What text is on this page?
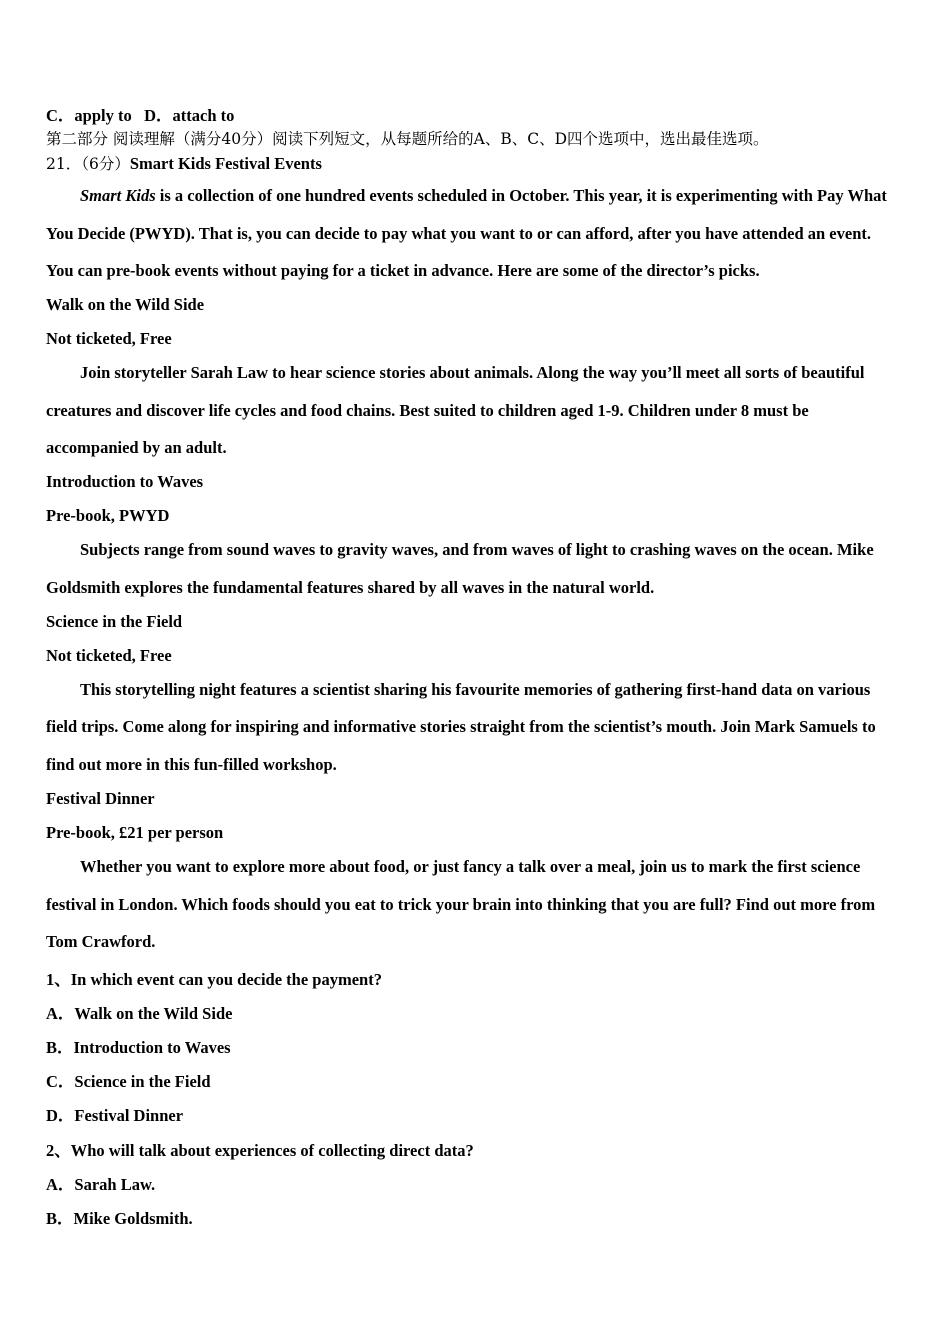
C．apply to D．attach to
第二部分 阅读理解（满分40分）阅读下列短文，从每题所给的A、B、C、D四个选项中，选出最佳选项。
21．（6分）Smart Kids Festival Events
Smart Kids is a collection of one hundred events scheduled in October. This year, it is experimenting with Pay What
You Decide (PWYD). That is, you can decide to pay what you want to or can afford, after you have attended an event.
You can pre-book events without paying for a ticket in advance. Here are some of the director’s picks.
Walk on the Wild Side
Not ticketed, Free
Join storyteller Sarah Law to hear science stories about animals. Along the way you’ll meet all sorts of beautiful
creatures and discover life cycles and food chains. Best suited to children aged 1-9. Children under 8 must be
accompanied by an adult.
Introduction to Waves
Pre-book, PWYD
Subjects range from sound waves to gravity waves, and from waves of light to crashing waves on the ocean. Mike
Goldsmith explores the fundamental features shared by all waves in the natural world.
Science in the Field
Not ticketed, Free
This storytelling night features a scientist sharing his favourite memories of gathering first-hand data on various
field trips. Come along for inspiring and informative stories straight from the scientist’s mouth. Join Mark Samuels to
find out more in this fun-filled workshop.
Festival Dinner
Pre-book, £21 per person
Whether you want to explore more about food, or just fancy a talk over a meal, join us to mark the first science
festival in London. Which foods should you eat to trick your brain into thinking that you are full? Find out more from
Tom Crawford.
1、In which event can you decide the payment?
A．Walk on the Wild Side
B．Introduction to Waves
C．Science in the Field
D．Festival Dinner
2、Who will talk about experiences of collecting direct data?
A．Sarah Law.
B．Mike Goldsmith.
